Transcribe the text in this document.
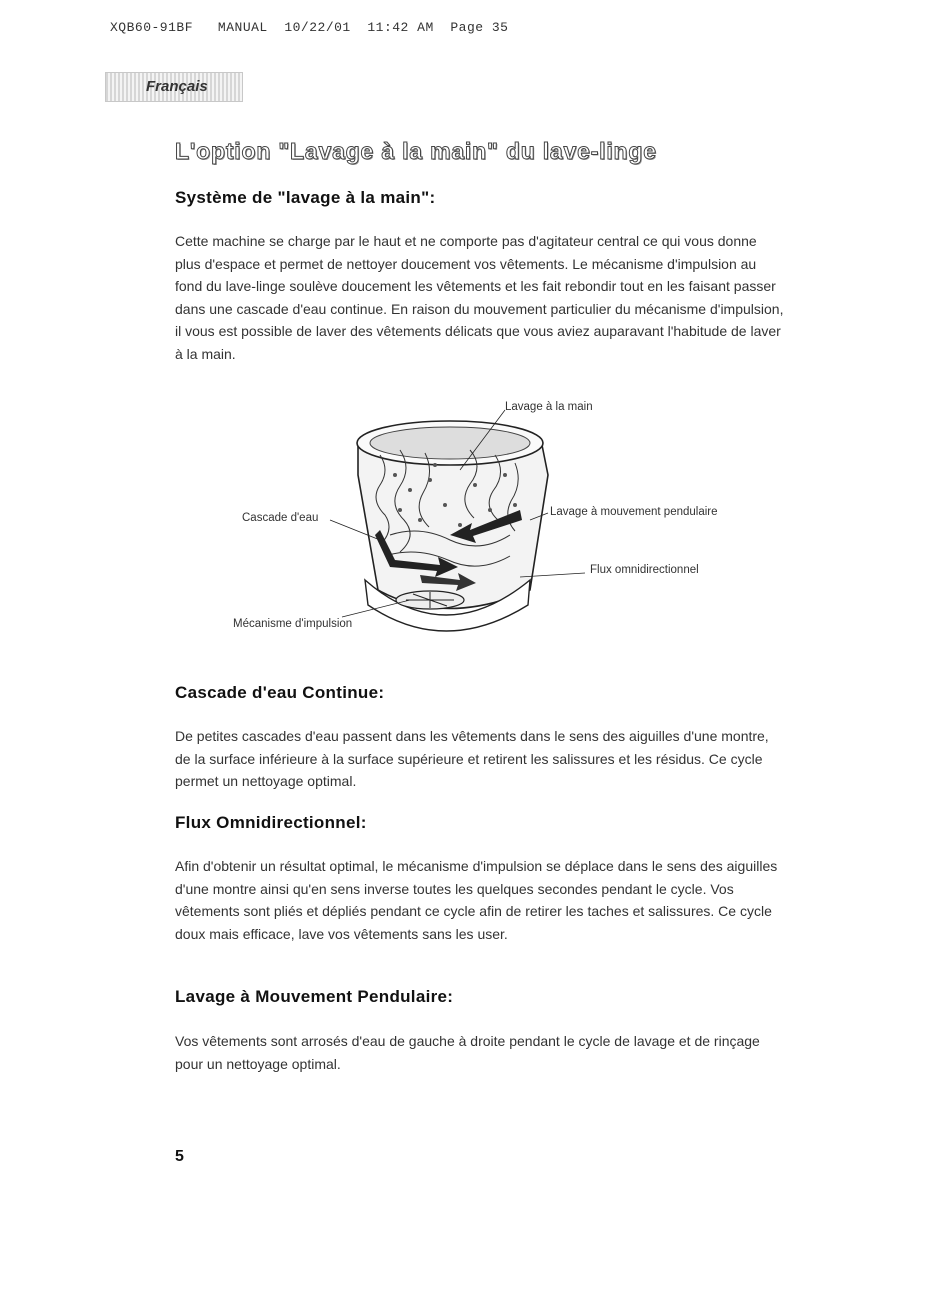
XQB60-91BF   MANUAL  10/22/01  11:42 AM  Page 35
Français
L'option "Lavage à la main" du lave-linge
Système de "lavage à la main":

Cette machine se charge par le haut et ne comporte pas d'agitateur central ce qui vous donne plus d'espace et permet de nettoyer doucement vos vêtements. Le mécanisme d'impulsion au fond du lave-linge soulève doucement les vêtements et les fait rebondir tout en les faisant passer dans une cascade d'eau continue. En raison du mouvement particulier du mécanisme d'impulsion, il vous est possible de laver des vêtements délicats que vous aviez auparavant l'habitude de laver à la main.

Lavage à la main
Lavage à mouvement pendulaire
Cascade d'eau
Flux omnidirectionnel
Mécanisme d'impulsion
Cascade d'eau Continue:

De petites cascades d'eau passent dans les vêtements dans le sens des aiguilles d'une montre, de la surface inférieure à la surface supérieure et retirent les salissures et les résidus. Ce cycle permet un nettoyage optimal.

Flux Omnidirectionnel:

Afin d'obtenir un résultat optimal, le mécanisme d'impulsion se déplace dans le sens des aiguilles d'une montre ainsi qu'en sens inverse toutes les quelques secondes pendant le cycle. Vos vêtements sont pliés et dépliés pendant ce cycle afin de retirer les taches et salissures. Ce cycle doux mais efficace, lave vos vêtements sans les user.

Lavage à Mouvement Pendulaire:

Vos vêtements sont arrosés d'eau de gauche à droite pendant le cycle de lavage et de rinçage pour un nettoyage optimal.

5
